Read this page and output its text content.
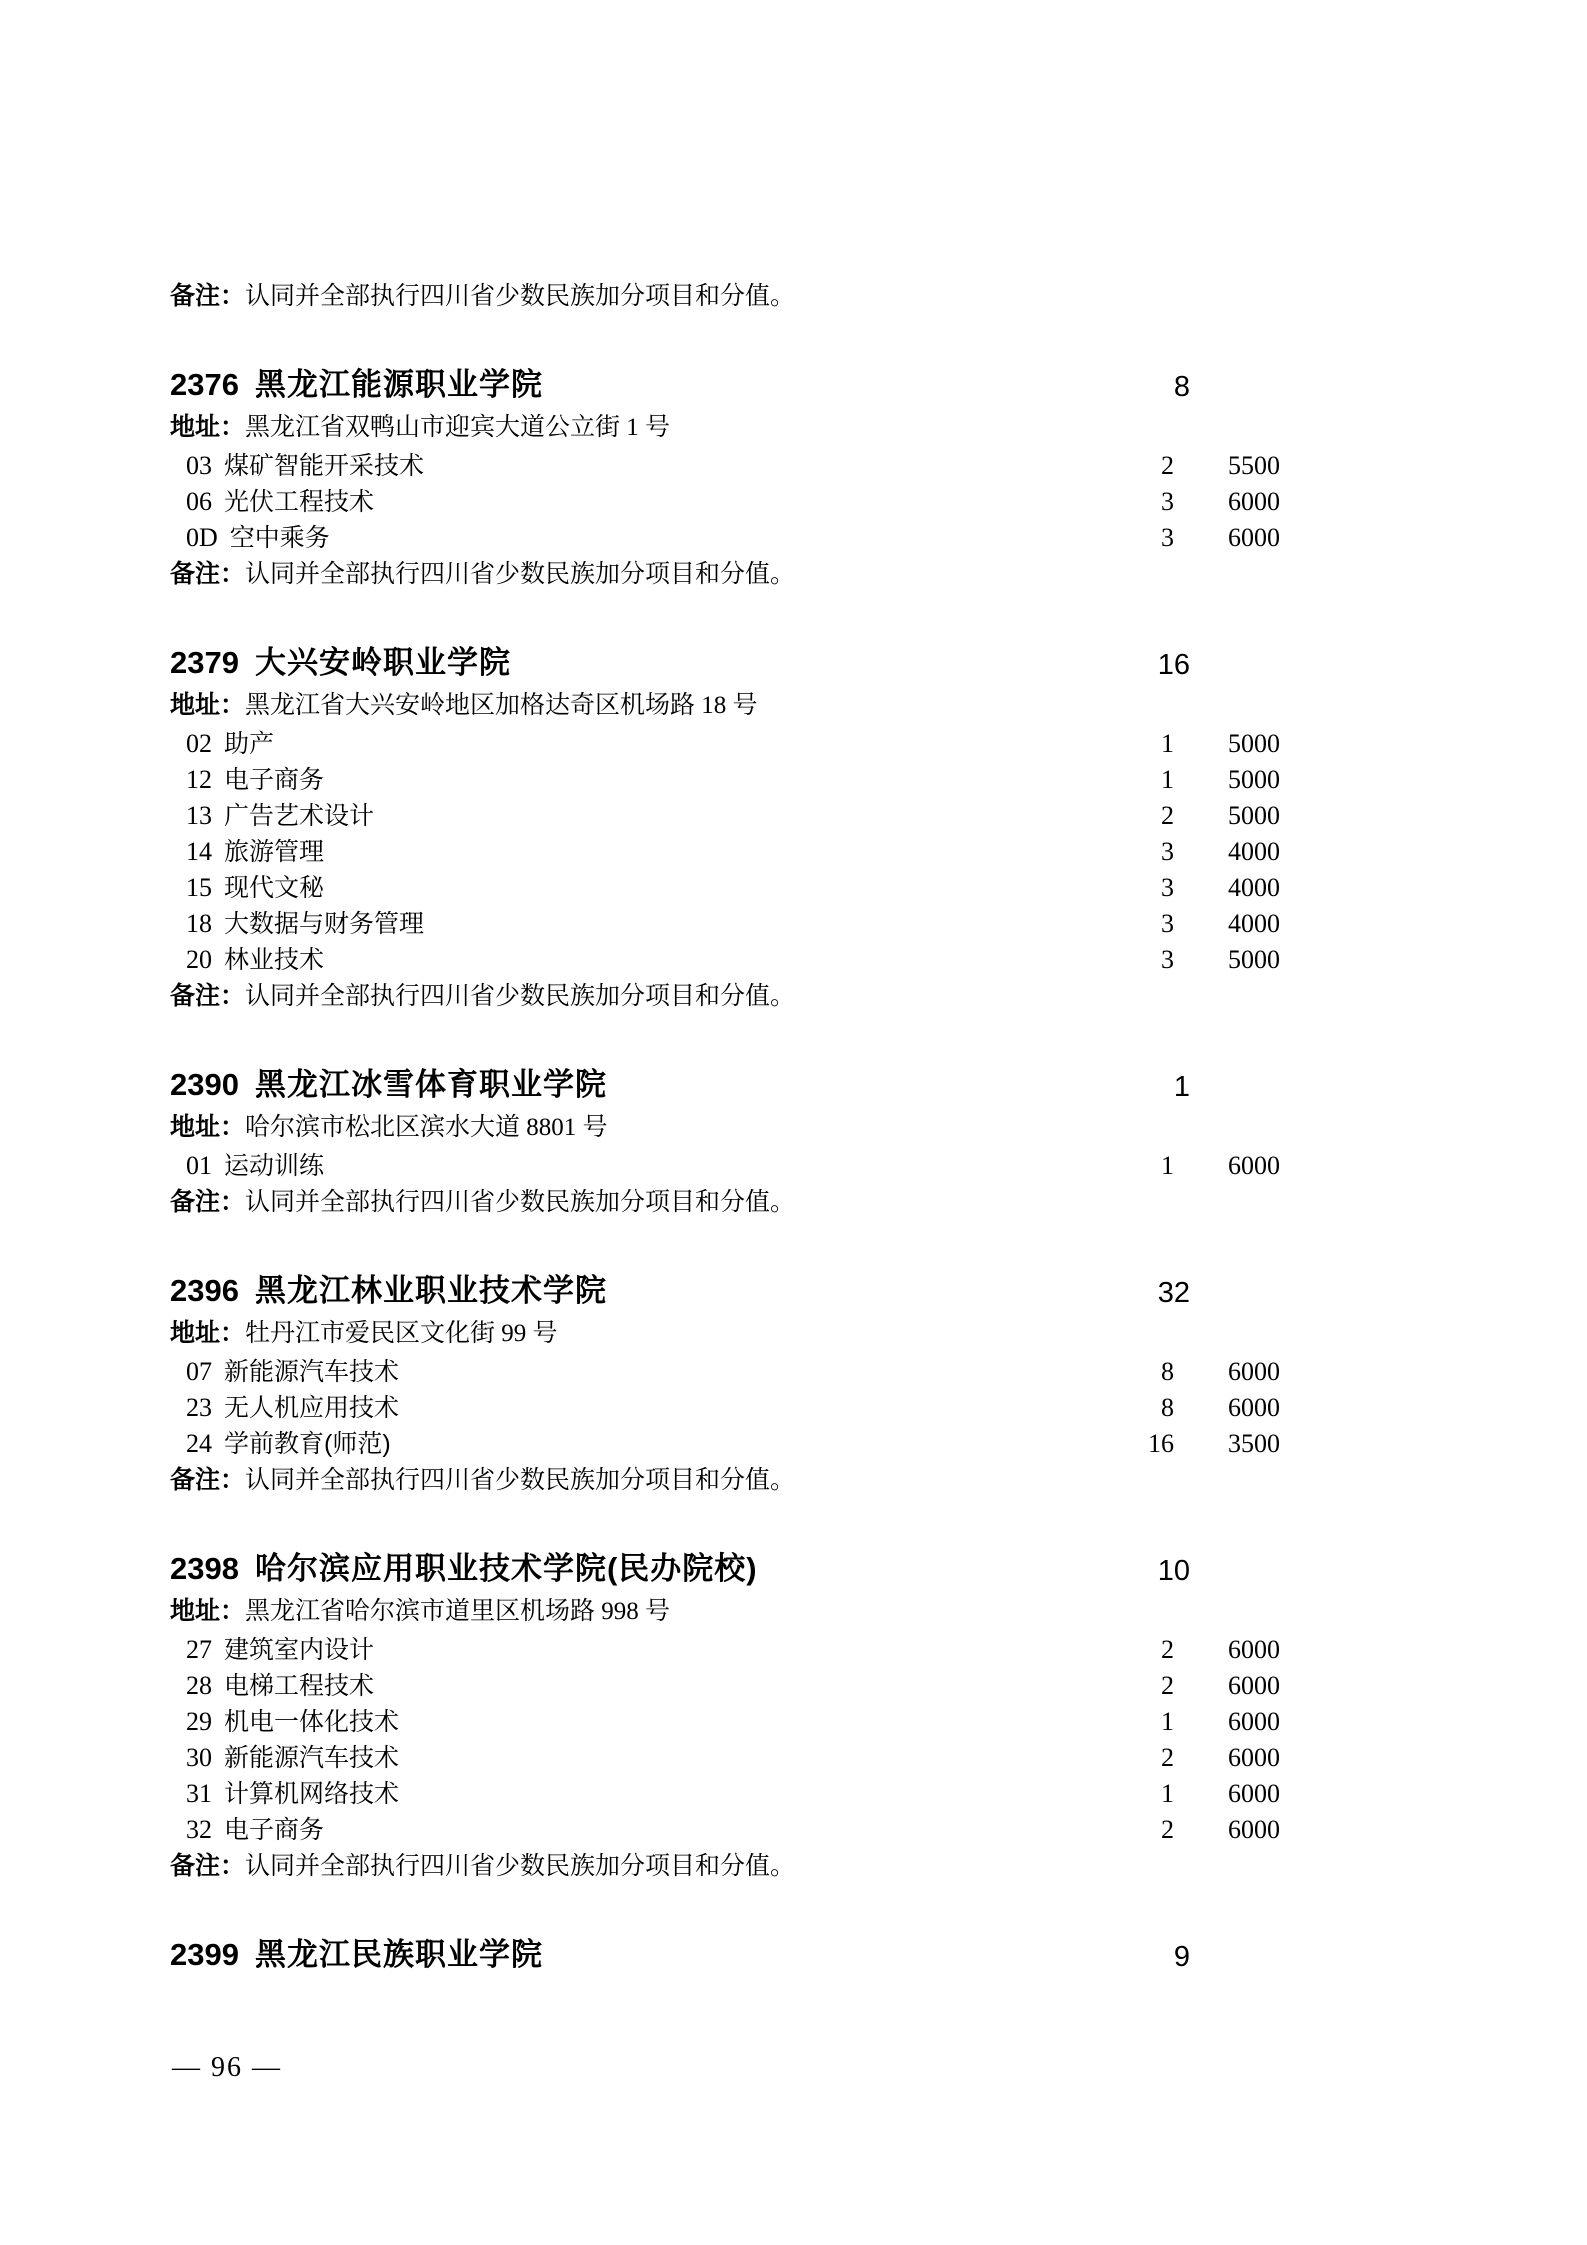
备注：认同并全部执行四川省少数民族加分项目和分值。
2376 黑龙江能源职业学院	8
地址：黑龙江省双鸭山市迎宾大道公立街 1 号
03 煤矿智能开采技术	2	5500
06 光伏工程技术	3	6000
0D 空中乘务	3	6000
备注：认同并全部执行四川省少数民族加分项目和分值。
2379 大兴安岭职业学院	16
地址：黑龙江省大兴安岭地区加格达奇区机场路 18 号
02 助产	1	5000
12 电子商务	1	5000
13 广告艺术设计	2	5000
14 旅游管理	3	4000
15 现代文秘	3	4000
18 大数据与财务管理	3	4000
20 林业技术	3	5000
备注：认同并全部执行四川省少数民族加分项目和分值。
2390 黑龙江冰雪体育职业学院	1
地址：哈尔滨市松北区滨水大道 8801 号
01 运动训练	1	6000
备注：认同并全部执行四川省少数民族加分项目和分值。
2396 黑龙江林业职业技术学院	32
地址：牡丹江市爱民区文化街 99 号
07 新能源汽车技术	8	6000
23 无人机应用技术	8	6000
24 学前教育(师范)	16	3500
备注：认同并全部执行四川省少数民族加分项目和分值。
2398 哈尔滨应用职业技术学院(民办院校)	10
地址：黑龙江省哈尔滨市道里区机场路 998 号
27 建筑室内设计	2	6000
28 电梯工程技术	2	6000
29 机电一体化技术	1	6000
30 新能源汽车技术	2	6000
31 计算机网络技术	1	6000
32 电子商务	2	6000
备注：认同并全部执行四川省少数民族加分项目和分值。
2399 黑龙江民族职业学院	9
— 96 —
